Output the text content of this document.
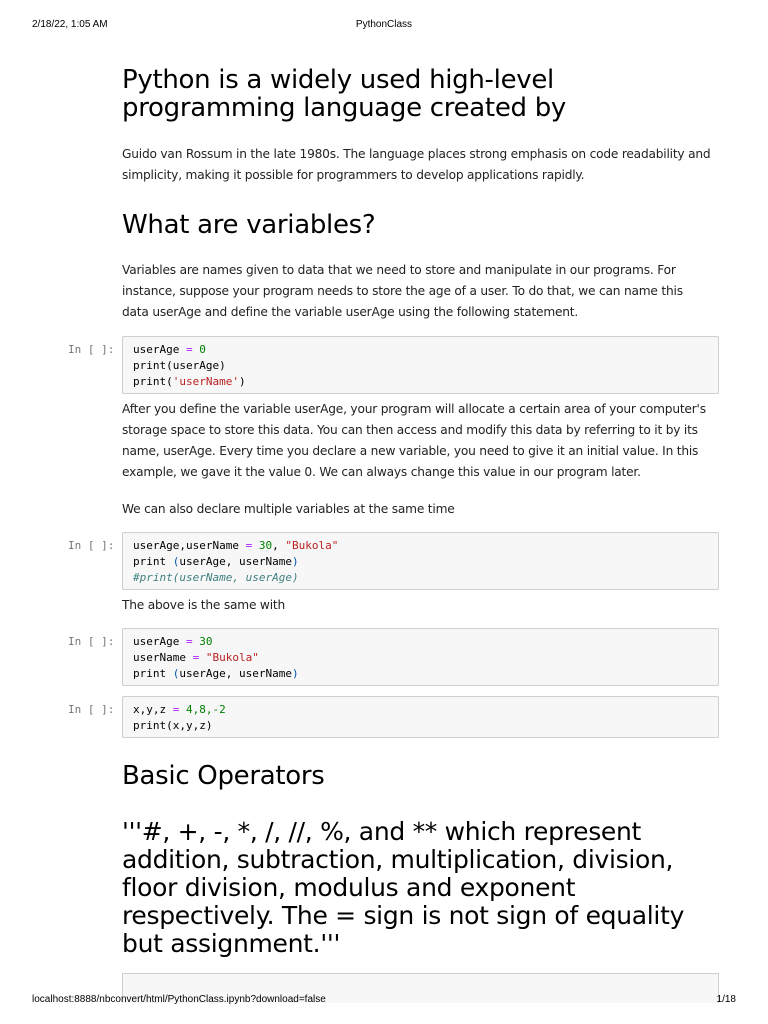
2/18/22, 1:05 AM	PythonClass
Python is a widely used high-level programming language created by

Guido van Rossum in the late 1980s. The language places strong emphasis on code readability and simplicity, making it possible for programmers to develop applications rapidly.

What are variables?

Variables are names given to data that we need to store and manipulate in our programs. For instance, suppose your program needs to store the age of a user. To do that, we can name this data userAge and define the variable userAge using the following statement.

In [ ]:	userAge = 0
print(userAge)
print('userName')

After you define the variable userAge, your program will allocate a certain area of your computer's storage space to store this data. You can then access and modify this data by referring to it by its name, userAge. Every time you declare a new variable, you need to give it an initial value. In this example, we gave it the value 0. We can always change this value in our program later.

We can also declare multiple variables at the same time

In [ ]:	userAge,userName = 30, "Bukola"
print (userAge, userName)
#print(userName, userAge)

The above is the same with

In [ ]:	userAge = 30
userName = "Bukola"
print (userAge, userName)
In [ ]:	x,y,z = 4,8,-2
print(x,y,z)
Basic Operators
'''#, +, -, *, /, //, %, and ** which represent addition, subtraction, multiplication, division, floor division, modulus and exponent respectively. The = sign is not sign of equality but assignment.'''
localhost:8888/nbconvert/html/PythonClass.ipynb?download=false	1/18
